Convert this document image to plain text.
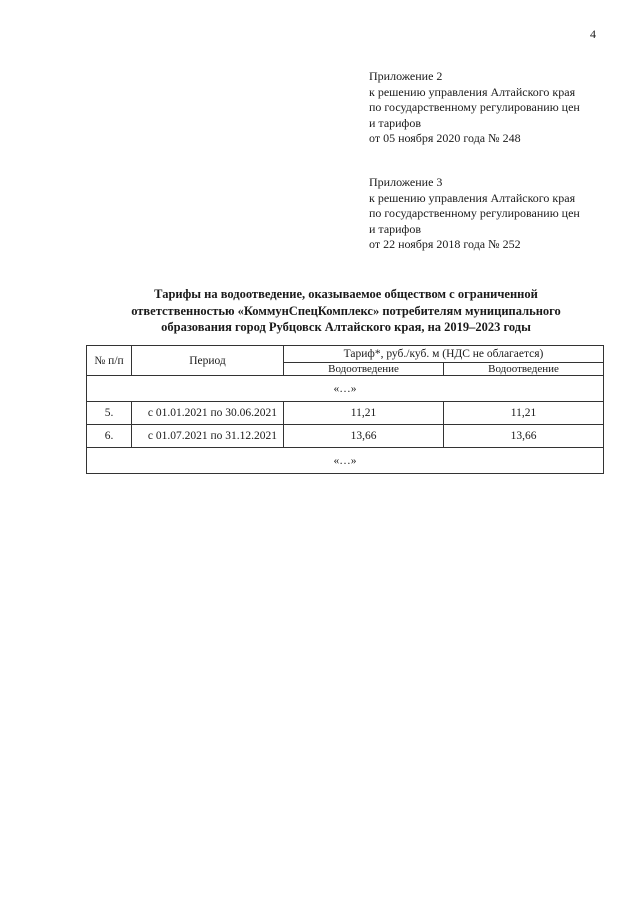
4
Приложение 2
к решению управления Алтайского края
по государственному регулированию цен
и тарифов
от 05 ноября 2020 года № 248
Приложение 3
к решению управления Алтайского края
по государственному регулированию цен
и тарифов
от 22 ноября 2018 года № 252
Тарифы на водоотведение, оказываемое обществом с ограниченной
ответственностью «КоммунСпецКомплекс» потребителям муниципального
образования город Рубцовск Алтайского края, на 2019–2023 годы
№ п/п	Период	Тариф*, руб./куб. м (НДС не облагается)	
		Водоотведение	Водоотведение
«…»			
5.	с 01.01.2021 по 30.06.2021	11,21	11,21
6.	с 01.07.2021 по 31.12.2021	13,66	13,66
«…»			
